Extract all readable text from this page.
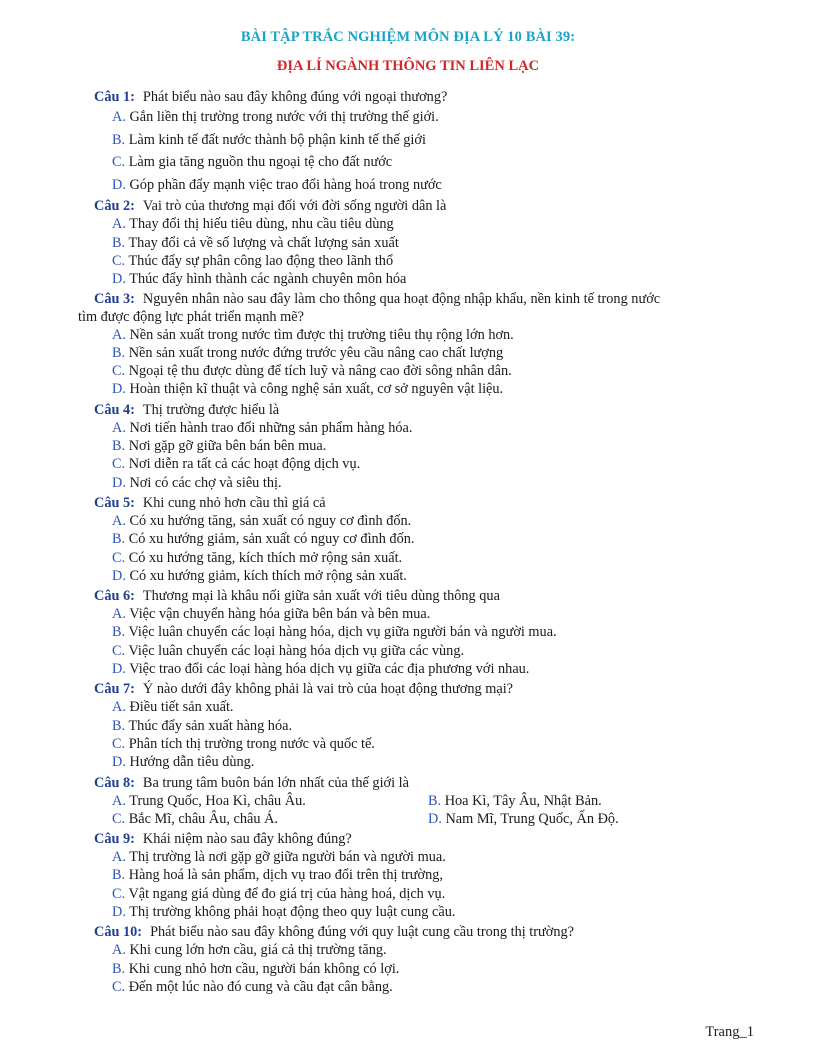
BÀI TẬP TRẮC NGHIỆM MÔN ĐỊA LÝ 10 BÀI 39:
ĐỊA LÍ NGÀNH THÔNG TIN LIÊN LẠC
Câu 1: Phát biểu nào sau đây không đúng với ngoại thương?
A. Gắn liền thị trường trong nước với thị trường thế giới.
B. Làm kinh tế đất nước thành bộ phận kinh tế thế giới
C. Làm gia tăng nguồn thu ngoại tệ cho đất nước
D. Góp phần đẩy mạnh việc trao đổi hàng hoá trong nước
Câu 2: Vai trò của thương mại đối với đời sống người dân là
A. Thay đổi thị hiếu tiêu dùng, nhu cầu tiêu dùng
B. Thay đổi cả về số lượng và chất lượng sản xuất
C. Thúc đẩy sự phân công lao động theo lãnh thổ
D. Thúc đẩy hình thành các ngành chuyên môn hóa
Câu 3: Nguyên nhân nào sau đây làm cho thông qua hoạt động nhập khẩu, nền kinh tế trong nước
tìm được động lực phát triển mạnh mẽ?
A. Nền sản xuất trong nước tìm được thị trường tiêu thụ rộng lớn hơn.
B. Nền sản xuất trong nước đứng trước yêu cầu nâng cao chất lượng
C. Ngoại tệ thu được dùng để tích luỹ và nâng cao đời sông nhân dân.
D. Hoàn thiện kĩ thuật và công nghệ sản xuất, cơ sở nguyên vật liệu.
Câu 4: Thị trường được hiểu là
A. Nơi tiến hành trao đổi những sản phẩm hàng hóa.
B. Nơi gặp gỡ giữa bên bán bên mua.
C. Nơi diễn ra tất cả các hoạt động dịch vụ.
D. Nơi có các chợ và siêu thị.
Câu 5: Khi cung nhỏ hơn cầu thì giá cả
A. Có xu hướng tăng, sản xuất có nguy cơ đình đốn.
B. Có xu hướng giảm, sản xuất có nguy cơ đình đốn.
C. Có xu hướng tăng, kích thích mở rộng sản xuất.
D. Có xu hướng giảm, kích thích mở rộng sản xuất.
Câu 6: Thương mại là khâu nối giữa sản xuất với tiêu dùng thông qua
A. Việc vận chuyển hàng hóa giữa bên bán và bên mua.
B. Việc luân chuyển các loại hàng hóa, dịch vụ giữa người bán và người mua.
C. Việc luân chuyển các loại hàng hóa dịch vụ giữa các vùng.
D. Việc trao đổi các loại hàng hóa dịch vụ giữa các địa phương với nhau.
Câu 7: Ý nào dưới đây không phải là vai trò của hoạt động thương mại?
A. Điều tiết sản xuất.
B. Thúc đẩy sản xuất hàng hóa.
C. Phân tích thị trường trong nước và quốc tế.
D. Hướng dẫn tiêu dùng.
Câu 8: Ba trung tâm buôn bán lớn nhất của thế giới là
A. Trung Quốc, Hoa Kì, châu Âu.	B. Hoa Kì, Tây Âu, Nhật Bản.
C. Bắc Mĩ, châu Âu, châu Á.	D. Nam Mĩ, Trung Quốc, Ấn Độ.
Câu 9: Khái niệm nào sau đây không đúng?
A. Thị trường là nơi gặp gỡ giữa người bán và người mua.
B. Hàng hoá là sản phẩm, dịch vụ trao đổi trên thị trường,
C. Vật ngang giá dùng để đo giá trị của hàng hoá, dịch vụ.
D. Thị trường không phải hoạt động theo quy luật cung cầu.
Câu 10: Phát biểu nào sau đây không đúng với quy luật cung cầu trong thị trường?
A. Khi cung lớn hơn cầu, giá cả thị trường tăng.
B. Khi cung nhỏ hơn cầu, người bán không có lợi.
C. Đến một lúc nào đó cung và cầu đạt cân bằng.
Trang_1
